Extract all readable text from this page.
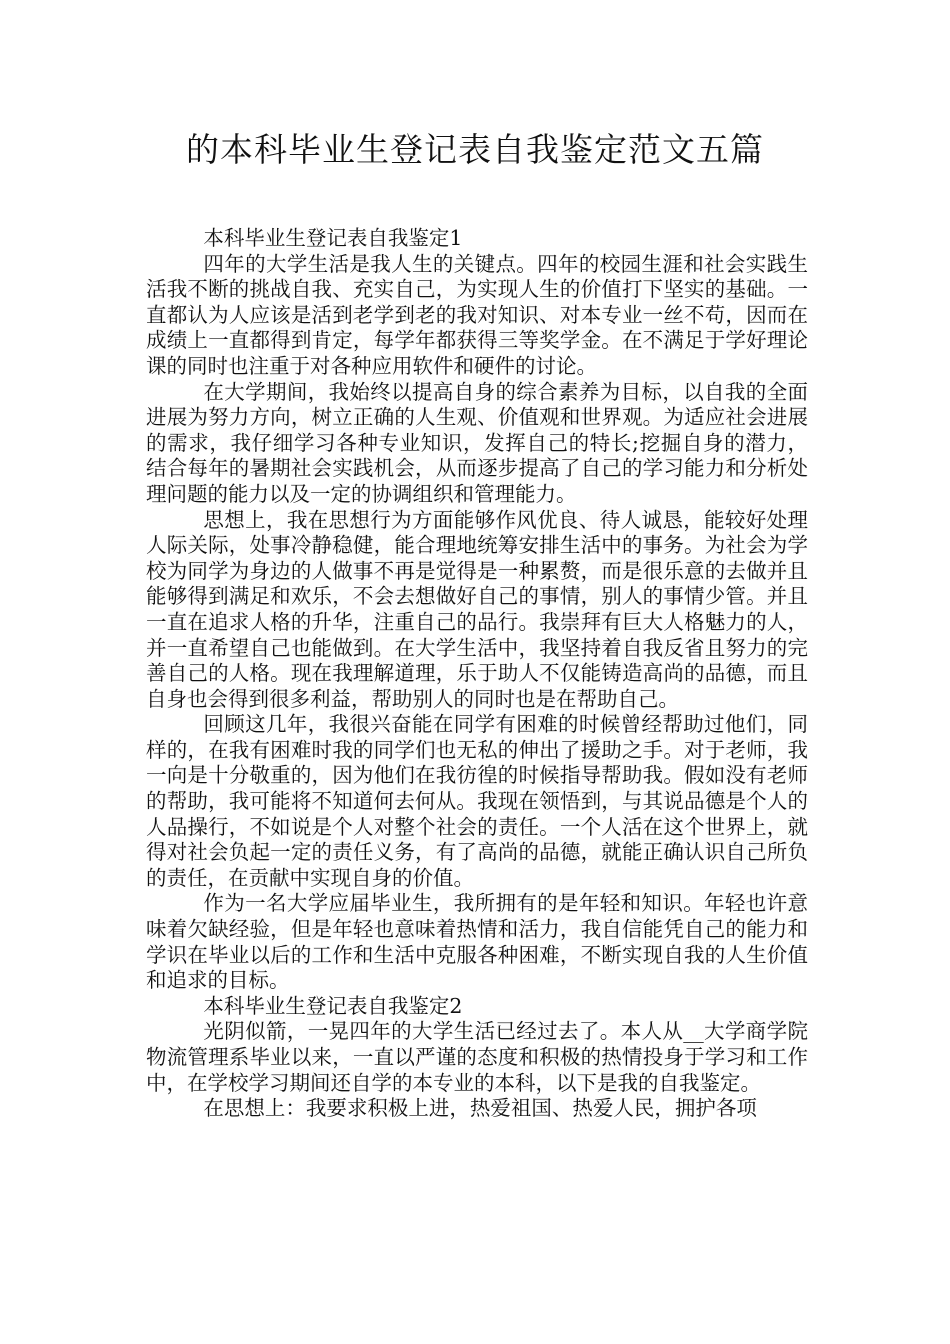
的本科毕业生登记表自我鉴定范文五篇

本科毕业生登记表自我鉴定1

四年的大学生活是我人生的关键点。四年的校园生涯和社会实践生活我不断的挑战自我、充实自己，为实现人生的价值打下坚实的基础。一直都认为人应该是活到老学到老的我对知识、对本专业一丝不苟，因而在成绩上一直都得到肯定，每学年都获得三等奖学金。在不满足于学好理论课的同时也注重于对各种应用软件和硬件的讨论。

在大学期间，我始终以提高自身的综合素养为目标，以自我的全面进展为努力方向，树立正确的人生观、价值观和世界观。为适应社会进展的需求，我仔细学习各种专业知识，发挥自己的特长;挖掘自身的潜力，结合每年的暑期社会实践机会，从而逐步提高了自己的学习能力和分析处理问题的能力以及一定的协调组织和管理能力。

思想上，我在思想行为方面能够作风优良、待人诚恳，能较好处理人际关际，处事冷静稳健，能合理地统筹安排生活中的事务。为社会为学校为同学为身边的人做事不再是觉得是一种累赘，而是很乐意的去做并且能够得到满足和欢乐，不会去想做好自己的事情，别人的事情少管。并且一直在追求人格的升华，注重自己的品行。我崇拜有巨大人格魅力的人，并一直希望自己也能做到。在大学生活中，我坚持着自我反省且努力的完善自己的人格。现在我理解道理，乐于助人不仅能铸造高尚的品德，而且自身也会得到很多利益，帮助别人的同时也是在帮助自己。

回顾这几年，我很兴奋能在同学有困难的时候曾经帮助过他们，同样的，在我有困难时我的同学们也无私的伸出了援助之手。对于老师，我一向是十分敬重的，因为他们在我彷徨的时候指导帮助我。假如没有老师的帮助，我可能将不知道何去何从。我现在领悟到，与其说品德是个人的人品操行，不如说是个人对整个社会的责任。一个人活在这个世界上，就得对社会负起一定的责任义务，有了高尚的品德，就能正确认识自己所负的责任，在贡献中实现自身的价值。

作为一名大学应届毕业生，我所拥有的是年轻和知识。年轻也许意味着欠缺经验，但是年轻也意味着热情和活力，我自信能凭自己的能力和学识在毕业以后的工作和生活中克服各种困难，不断实现自我的人生价值和追求的目标。

本科毕业生登记表自我鉴定2

光阴似箭，一晃四年的大学生活已经过去了。本人从__大学商学院物流管理系毕业以来，一直以严谨的态度和积极的热情投身于学习和工作中，在学校学习期间还自学的本专业的本科，以下是我的自我鉴定。

在思想上：我要求积极上进，热爱祖国、热爱人民，拥护各项
